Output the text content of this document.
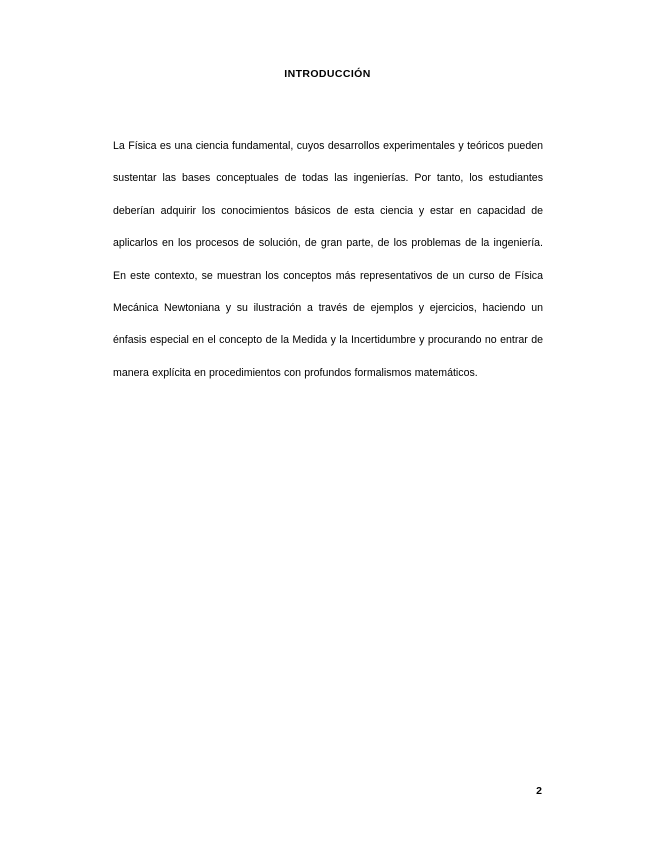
INTRODUCCIÓN

La Física es una ciencia fundamental, cuyos desarrollos experimentales y teóricos pueden sustentar las bases conceptuales de todas las ingenierías. Por tanto, los estudiantes deberían adquirir los conocimientos básicos de esta ciencia y estar en capacidad de aplicarlos en los procesos de solución, de gran parte, de los problemas de la ingeniería. En este contexto, se muestran los conceptos más representativos de un curso de Física Mecánica Newtoniana y su ilustración a través de ejemplos y ejercicios, haciendo un énfasis especial en el concepto de la Medida y la Incertidumbre y procurando no entrar de manera explícita en procedimientos con profundos formalismos matemáticos.

2
